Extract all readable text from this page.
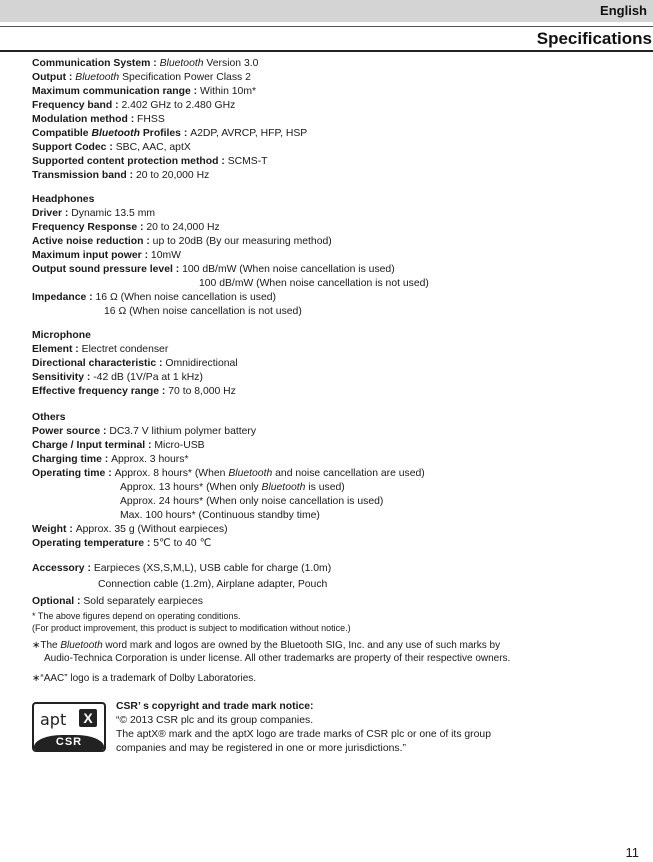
English
Specifications
Communication System : Bluetooth Version 3.0
Output : Bluetooth Specification Power Class 2
Maximum communication range : Within 10m*
Frequency band : 2.402 GHz to 2.480 GHz
Modulation method : FHSS
Compatible Bluetooth Profiles : A2DP, AVRCP, HFP, HSP
Support Codec : SBC, AAC, aptX
Supported content protection method : SCMS-T
Transmission band : 20 to 20,000 Hz
Headphones
Driver : Dynamic 13.5 mm
Frequency Response : 20 to 24,000 Hz
Active noise reduction : up to 20dB (By our measuring method)
Maximum input power : 10mW
Output sound pressure level : 100 dB/mW (When noise cancellation is used)
100 dB/mW (When noise cancellation is not used)
Impedance : 16 Ω (When noise cancellation is used)
16 Ω (When noise cancellation is not used)
Microphone
Element : Electret condenser
Directional characteristic : Omnidirectional
Sensitivity : -42 dB (1V/Pa at 1 kHz)
Effective frequency range : 70 to 8,000 Hz
Others
Power source : DC3.7 V lithium polymer battery
Charge / Input terminal : Micro-USB
Charging time : Approx. 3 hours*
Operating time : Approx. 8 hours* (When Bluetooth and noise cancellation are used)
Approx. 13 hours* (When only Bluetooth is used)
Approx. 24 hours* (When only noise cancellation is used)
Max. 100 hours* (Continuous standby time)
Weight : Approx. 35 g (Without earpieces)
Operating temperature : 5℃ to 40 ℃
Accessory : Earpieces (XS,S,M,L), USB cable for charge (1.0m)
Connection cable (1.2m), Airplane adapter, Pouch
Optional : Sold separately earpieces
* The above figures depend on operating conditions.
(For product improvement, this product is subject to modification without notice.)
∗The Bluetooth word mark and logos are owned by the Bluetooth SIG, Inc. and any use of such marks by
Audio-Technica Corporation is under license. All other trademarks are property of their respective owners.
∗“AAC” logo is a trademark of Dolby Laboratories.
apt	X
CSR
CSR’ s copyright and trade mark notice:
“© 2013 CSR plc and its group companies.
The aptX® mark and the aptX logo are trade marks of CSR plc or one of its group
companies and may be registered in one or more jurisdictions.”
11
